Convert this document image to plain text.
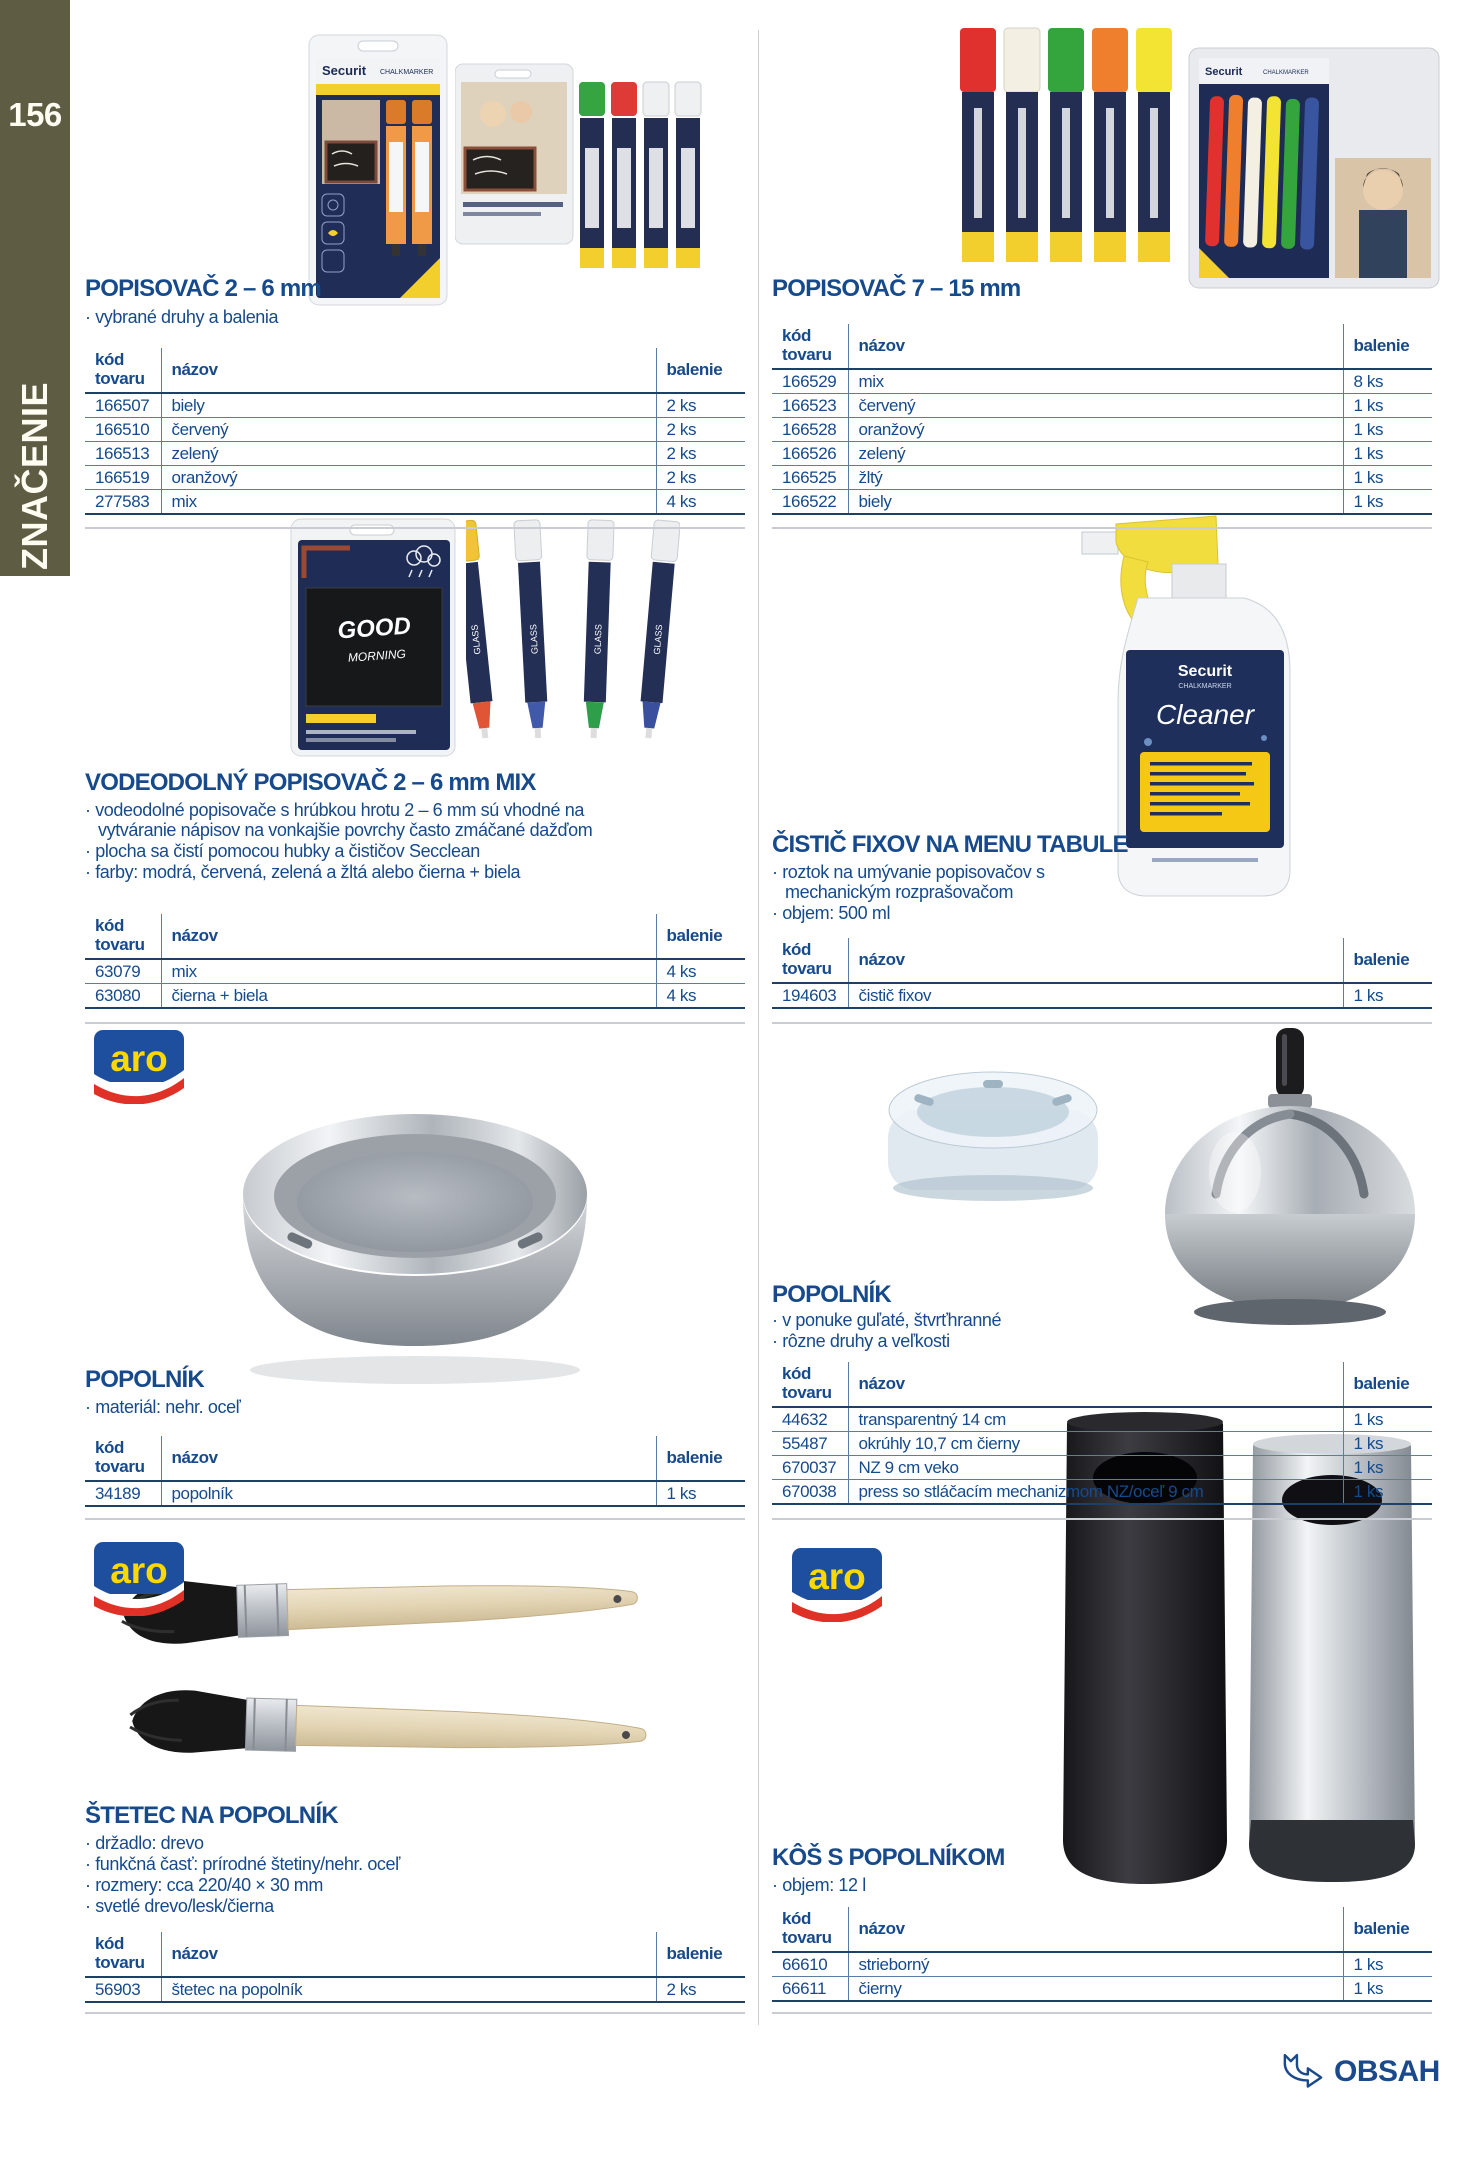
156
ZNAČENIE
Securit CHALKMARKER	Securit	CHALKMARKER
GOOD
MORNING
GLASS	GLASS	GLASS	GLASS
Securit
CHALKMARKER
Cleaner
aro
aro	aro
POPISOVAČ 2 – 6 mm
· vybrané druhy a balenia
POPISOVAČ 7 – 15 mm
VODEODOLNÝ POPISOVAČ 2 – 6 mm MIX
· vodeodolné popisovače s hrúbkou hrotu 2 – 6 mm sú vhodné na vytváranie nápisov na vonkajšie povrchy často zmáčané dažďom
· plocha sa čistí pomocou hubky a čističov Secclean
· farby: modrá, červená, zelená a žltá alebo čierna + biela
ČISTIČ FIXOV NA MENU TABULE
· roztok na umývanie popisovačov s mechanickým rozprašovačom
· objem: 500 ml
POPOLNÍK
· materiál: nehr. oceľ
POPOLNÍK
· v ponuke guľaté, štvrťhranné
· rôzne druhy a veľkosti
ŠTETEC NA POPOLNÍK
· držadlo: drevo
· funkčná časť: prírodné štetiny/nehr. oceľ
· rozmery: cca 220/40 × 30 mm
· svetlé drevo/lesk/čierna
KÔŠ S POPOLNÍKOM
· objem: 12 l
kód
tovaru	názov	balenie
166507	biely	2 ks
166510	červený	2 ks
166513	zelený	2 ks
166519	oranžový	2 ks
277583	mix	4 ks
kód
tovaru	názov	balenie
166529	mix	8 ks
166523	červený	1 ks
166528	oranžový	1 ks
166526	zelený	1 ks
166525	žltý	1 ks
166522	biely	1 ks
kód
tovaru	názov	balenie
63079	mix	4 ks
63080	čierna + biela	4 ks
kód
tovaru	názov	balenie
194603	čistič fixov	1 ks
kód
tovaru	názov	balenie
34189	popolník	1 ks
kód
tovaru	názov	balenie
44632	transparentný 14 cm	1 ks
55487	okrúhly 10,7 cm čierny	1 ks
670037	NZ 9 cm veko	1 ks
670038	press so stláčacím mechanizmom NZ/oceľ 9 cm	1 ks
kód
tovaru	názov	balenie
56903	štetec na popolník	2 ks
kód
tovaru	názov	balenie
66610	strieborný	1 ks
66611	čierny	1 ks
OBSAH
